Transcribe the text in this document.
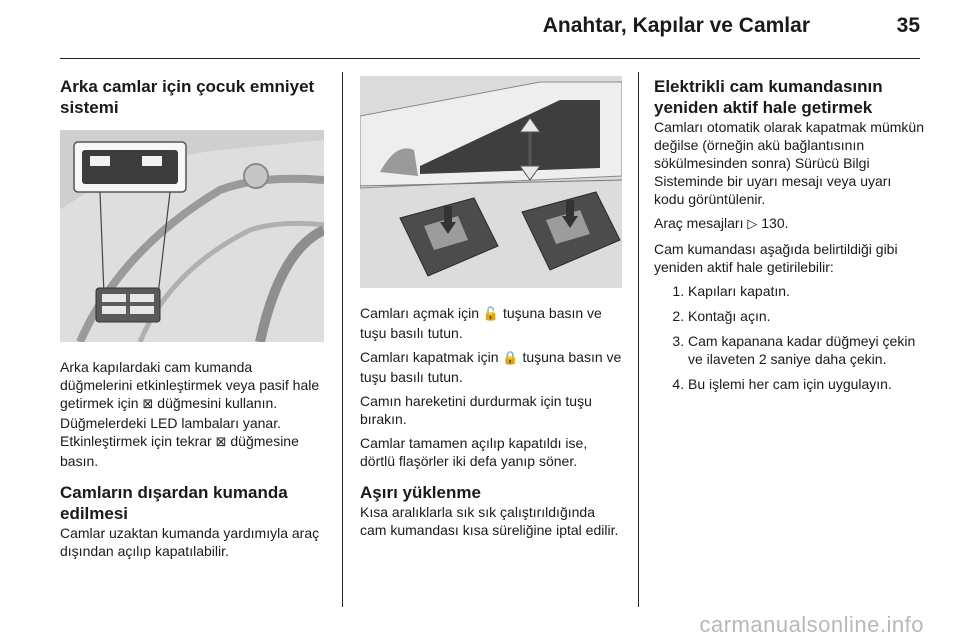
Anahtar, Kapılar ve Camlar	35
Arka camlar için çocuk emniyet sistemi

Arka kapılardaki cam kumanda düğmelerini etkinleştirmek veya pasif hale getirmek için ⊠ düğmesini kullanın. Düğmelerdeki LED lambaları yanar. Etkinleştirmek için tekrar ⊠ düğmesine basın.

Camların dışardan kumanda edilmesi

Camlar uzaktan kumanda yardımıyla araç dışından açılıp kapatılabilir.

Camları açmak için 🔓 tuşuna basın ve tuşu basılı tutun.

Camları kapatmak için 🔒 tuşuna basın ve tuşu basılı tutun.

Camın hareketini durdurmak için tuşu bırakın.

Camlar tamamen açılıp kapatıldı ise, dörtlü flaşörler iki defa yanıp söner.

Aşırı yüklenme

Kısa aralıklarla sık sık çalıştırıldığında cam kumandası kısa süreliğine iptal edilir.

Elektrikli cam kumandasının yeniden aktif hale getirmek

Camları otomatik olarak kapatmak mümkün değilse (örneğin akü bağlantısının sökülmesinden sonra) Sürücü Bilgi Sisteminde bir uyarı mesajı veya uyarı kodu görüntülenir.

Araç mesajları ▷ 130.

Cam kumandası aşağıda belirtildiği gibi yeniden aktif hale getirilebilir:

1. Kapıları kapatın.
2. Kontağı açın.
3. Cam kapanana kadar düğmeyi çekin ve ilaveten 2 saniye daha çekin.
4. Bu işlemi her cam için uygulayın.
carmanualsonline.info
